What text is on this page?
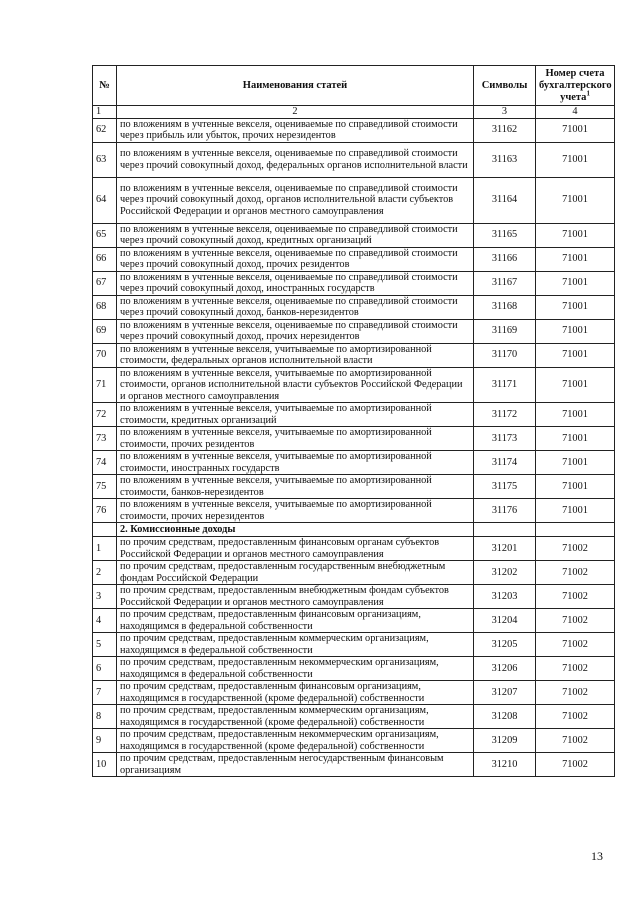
№	Наименования статей	Символы	Номер счета бухгалтерского учета$^1$
1	2	3	4
62	по вложениям в учтенные векселя, оцениваемые по справедливой стоимости через прибыль или убыток, прочих нерезидентов	31162	71001
63	по вложениям в учтенные векселя, оцениваемые по справедливой стоимости через прочий совокупный доход, федеральных органов исполнительной власти	31163	71001
64	по вложениям в учтенные векселя, оцениваемые по справедливой стоимости через прочий совокупный доход, органов исполнительной власти субъектов Российской Федерации и органов местного самоуправления	31164	71001
65	по вложениям в учтенные векселя, оцениваемые по справедливой стоимости через прочий совокупный доход, кредитных организаций	31165	71001
66	по вложениям в учтенные векселя, оцениваемые по справедливой стоимости через прочий совокупный доход, прочих резидентов	31166	71001
67	по вложениям в учтенные векселя, оцениваемые по справедливой стоимости через прочий совокупный доход, иностранных государств	31167	71001
68	по вложениям в учтенные векселя, оцениваемые по справедливой стоимости через прочий совокупный доход, банков-нерезидентов	31168	71001
69	по вложениям в учтенные векселя, оцениваемые по справедливой стоимости через прочий совокупный доход, прочих нерезидентов	31169	71001
70	по вложениям в учтенные векселя, учитываемые по амортизированной стоимости, федеральных органов исполнительной власти	31170	71001
71	по вложениям в учтенные векселя, учитываемые по амортизированной стоимости, органов исполнительной власти субъектов Российской Федерации и органов местного самоуправления	31171	71001
72	по вложениям в учтенные векселя, учитываемые по амортизированной стоимости, кредитных организаций	31172	71001
73	по вложениям в учтенные векселя, учитываемые по амортизированной стоимости, прочих резидентов	31173	71001
74	по вложениям в учтенные векселя, учитываемые по амортизированной стоимости, иностранных государств	31174	71001
75	по вложениям в учтенные векселя, учитываемые по амортизированной стоимости, банков-нерезидентов	31175	71001
76	по вложениям в учтенные векселя, учитываемые по амортизированной стоимости, прочих нерезидентов	31176	71001
	2. Комиссионные доходы		
1	по прочим средствам, предоставленным финансовым органам субъектов Российской Федерации и органов местного самоуправления	31201	71002
2	по прочим средствам, предоставленным государственным внебюджетным фондам Российской Федерации	31202	71002
3	по прочим средствам, предоставленным внебюджетным фондам субъектов Российской Федерации и органов местного самоуправления	31203	71002
4	по прочим средствам, предоставленным финансовым организациям, находящимся в федеральной собственности	31204	71002
5	по прочим средствам, предоставленным коммерческим организациям, находящимся в федеральной собственности	31205	71002
6	по прочим средствам, предоставленным некоммерческим организациям, находящимся в федеральной собственности	31206	71002
7	по прочим средствам, предоставленным финансовым организациям, находящимся в государственной (кроме федеральной) собственности	31207	71002
8	по прочим средствам, предоставленным коммерческим организациям, находящимся в государственной (кроме федеральной) собственности	31208	71002
9	по прочим средствам, предоставленным некоммерческим организациям, находящимся в государственной (кроме федеральной) собственности	31209	71002
10	по прочим средствам, предоставленным негосударственным финансовым организациям	31210	71002
13
